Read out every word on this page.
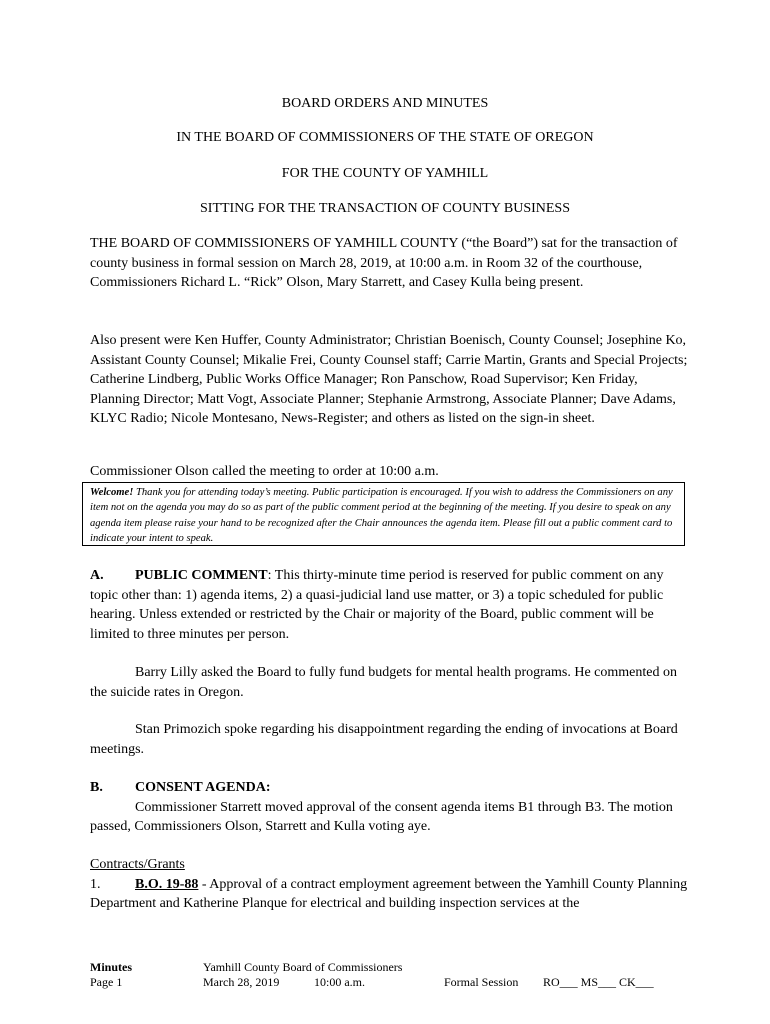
BOARD ORDERS AND MINUTES
IN THE BOARD OF COMMISSIONERS OF THE STATE OF OREGON
FOR THE COUNTY OF YAMHILL
SITTING FOR THE TRANSACTION OF COUNTY BUSINESS
THE BOARD OF COMMISSIONERS OF YAMHILL COUNTY (“the Board”) sat for the transaction of county business in formal session on March 28, 2019, at 10:00 a.m. in Room 32 of the courthouse, Commissioners Richard L. “Rick” Olson, Mary Starrett, and Casey Kulla being present.
Also present were Ken Huffer, County Administrator; Christian Boenisch, County Counsel; Josephine Ko, Assistant County Counsel; Mikalie Frei, County Counsel staff; Carrie Martin, Grants and Special Projects; Catherine Lindberg, Public Works Office Manager; Ron Panschow, Road Supervisor; Ken Friday, Planning Director; Matt Vogt, Associate Planner; Stephanie Armstrong, Associate Planner; Dave Adams, KLYC Radio; Nicole Montesano, News-Register; and others as listed on the sign-in sheet.
Commissioner Olson called the meeting to order at 10:00 a.m.
Welcome! Thank you for attending today’s meeting. Public participation is encouraged. If you wish to address the Commissioners on any item not on the agenda you may do so as part of the public comment period at the beginning of the meeting. If you desire to speak on any agenda item please raise your hand to be recognized after the Chair announces the agenda item. Please fill out a public comment card to indicate your intent to speak.
A. PUBLIC COMMENT: This thirty-minute time period is reserved for public comment on any topic other than: 1) agenda items, 2) a quasi-judicial land use matter, or 3) a topic scheduled for public hearing. Unless extended or restricted by the Chair or majority of the Board, public comment will be limited to three minutes per person.
Barry Lilly asked the Board to fully fund budgets for mental health programs. He commented on the suicide rates in Oregon.
Stan Primozich spoke regarding his disappointment regarding the ending of invocations at Board meetings.
B. CONSENT AGENDA:
Commissioner Starrett moved approval of the consent agenda items B1 through B3. The motion passed, Commissioners Olson, Starrett and Kulla voting aye.
Contracts/Grants
1. B.O. 19-88 - Approval of a contract employment agreement between the Yamhill County Planning Department and Katherine Planque for electrical and building inspection services at the
Minutes
Page 1
Yamhill County Board of Commissioners
March 28, 2019	10:00 a.m.	Formal Session RO___ MS___ CK___
